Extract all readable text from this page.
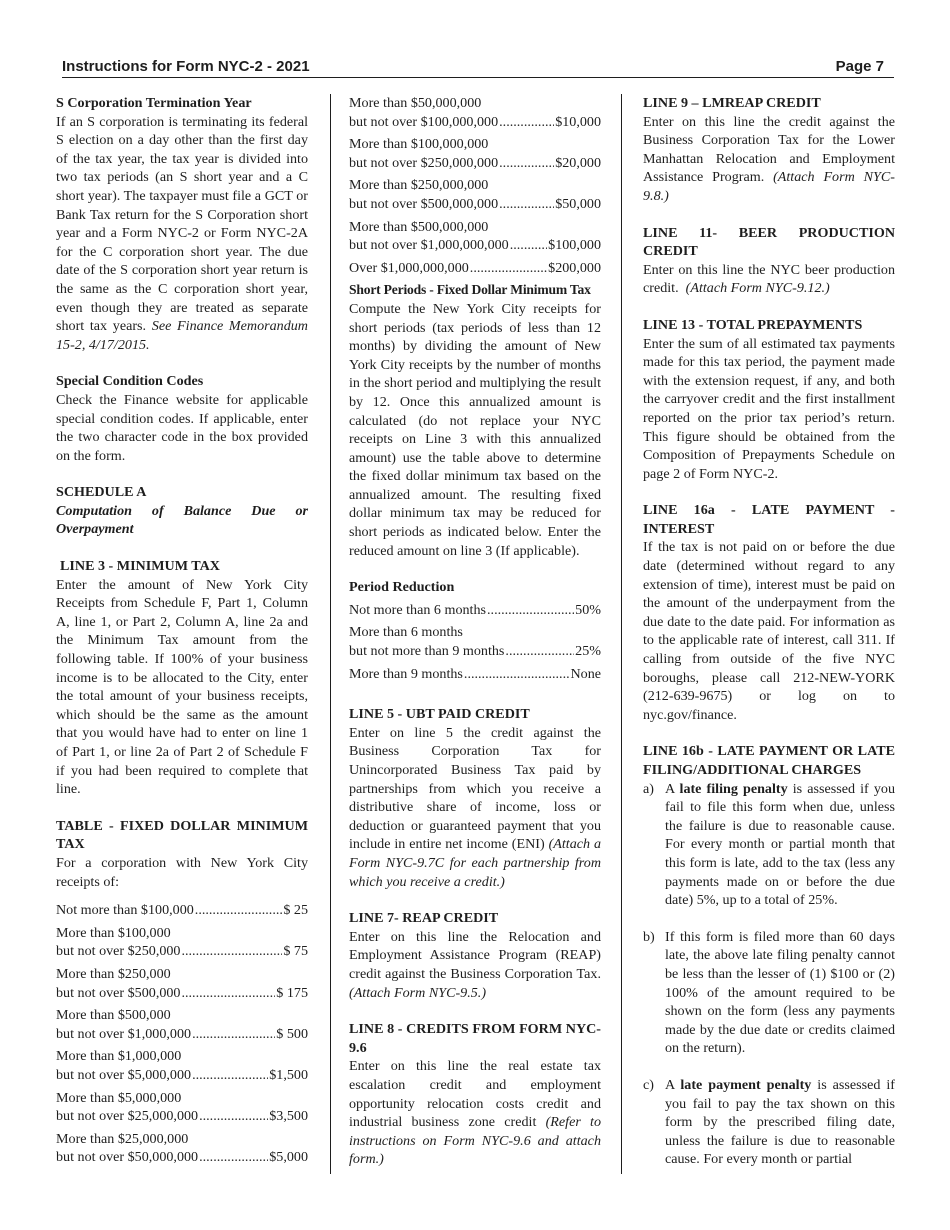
Instructions for Form NYC-2 - 2021	Page 7

S Corporation Termination Year

If an S corporation is terminating its federal S election on a day other than the first day of the tax year, the tax year is divided into two tax periods (an S short year and a C short year). The taxpayer must file a GCT or Bank Tax return for the S Corporation short year and a Form NYC-2 or Form NYC-2A for the C corporation short year. The due date of the S corporation short year return is the same as the C corporation short year, even though they are treated as separate short tax years. See Finance Memorandum 15-2, 4/17/2015.

Special Condition Codes

Check the Finance website for applicable special condition codes. If applicable, enter the two character code in the box provided on the form.

SCHEDULE A

Computation of Balance Due or Overpayment

LINE 3 - MINIMUM TAX

Enter the amount of New York City Receipts from Schedule F, Part 1, Column A, line 1, or Part 2, Column A, line 2a and the Minimum Tax amount from the following table. If 100% of your business income is to be allocated to the City, enter the total amount of your business receipts, which should be the same as the amount that you would have had to enter on line 1 of Part 1, or line 2a of Part 2 of Schedule F if you had been required to complete that line.

TABLE - FIXED DOLLAR MINIMUM TAX

For a corporation with New York City receipts of:

Not more than $100,000 .....	$ 25
More than $100,000
but not over $250,000 .....	$ 75
More than $250,000
but not over $500,000 .....	$ 175
More than $500,000
but not over $1,000,000 .....	$ 500
More than $1,000,000
but not over $5,000,000 .....	$1,500
More than $5,000,000
but not over $25,000,000 .....	$3,500
More than $25,000,000
but not over $50,000,000 .....	$5,000
More than $50,000,000
but not over $100,000,000 .....	$10,000
More than $100,000,000
but not over $250,000,000 .....	$20,000
More than $250,000,000
but not over $500,000,000 .....	$50,000
More than $500,000,000
but not over $1,000,000,000 .....	$100,000
Over $1,000,000,000 .....	$200,000

Short Periods - Fixed Dollar Minimum Tax

Compute the New York City receipts for short periods (tax periods of less than 12 months) by dividing the amount of New York City receipts by the number of months in the short period and multiplying the result by 12. Once this annualized amount is calculated (do not replace your NYC receipts on Line 3 with this annualized amount) use the table above to determine the fixed dollar minimum tax based on the annualized amount. The resulting fixed dollar minimum tax may be reduced for short periods as indicated below. Enter the reduced amount on line 3 (If applicable).

Period Reduction

Not more than 6 months .....	50%
More than 6 months
but not more than 9 months .....	25%
More than 9 months .....	None

LINE 5 - UBT PAID CREDIT

Enter on line 5 the credit against the Business Corporation Tax for Unincorporated Business Tax paid by partnerships from which you receive a distributive share of income, loss or deduction or guaranteed payment that you include in entire net income (ENI) (Attach a Form NYC-9.7C for each partnership from which you receive a credit.)

LINE 7- REAP CREDIT

Enter on this line the Relocation and Employment Assistance Program (REAP) credit against the Business Corporation Tax. (Attach Form NYC-9.5.)

LINE 8 - CREDITS FROM FORM NYC-9.6

Enter on this line the real estate tax escalation credit and employment opportunity relocation costs credit and industrial business zone credit (Refer to instructions on Form NYC-9.6 and attach form.)

LINE 9 – LMREAP CREDIT

Enter on this line the credit against the Business Corporation Tax for the Lower Manhattan Relocation and Employment Assistance Program. (Attach Form NYC-9.8.)

LINE 11- BEER PRODUCTION CREDIT

Enter on this line the NYC beer production credit. (Attach Form NYC-9.12.)

LINE 13 - TOTAL PREPAYMENTS

Enter the sum of all estimated tax payments made for this tax period, the payment made with the extension request, if any, and both the carryover credit and the first installment reported on the prior tax period’s return. This figure should be obtained from the Composition of Prepayments Schedule on page 2 of Form NYC-2.

LINE 16a - LATE PAYMENT - INTEREST

If the tax is not paid on or before the due date (determined without regard to any extension of time), interest must be paid on the amount of the underpayment from the due date to the date paid. For information as to the applicable rate of interest, call 311. If calling from outside of the five NYC boroughs, please call 212-NEW-YORK (212-639-9675) or log on to nyc.gov/finance.

LINE 16b - LATE PAYMENT OR LATE FILING/ADDITIONAL CHARGES

a) A late filing penalty is assessed if you fail to file this form when due, unless the failure is due to reasonable cause. For every month or partial month that this form is late, add to the tax (less any payments made on or before the due date) 5%, up to a total of 25%.
b) If this form is filed more than 60 days late, the above late filing penalty cannot be less than the lesser of (1) $100 or (2) 100% of the amount required to be shown on the form (less any payments made by the due date or credits claimed on the return).
c) A late payment penalty is assessed if you fail to pay the tax shown on this form by the prescribed filing date, unless the failure is due to reasonable cause. For every month or partial
